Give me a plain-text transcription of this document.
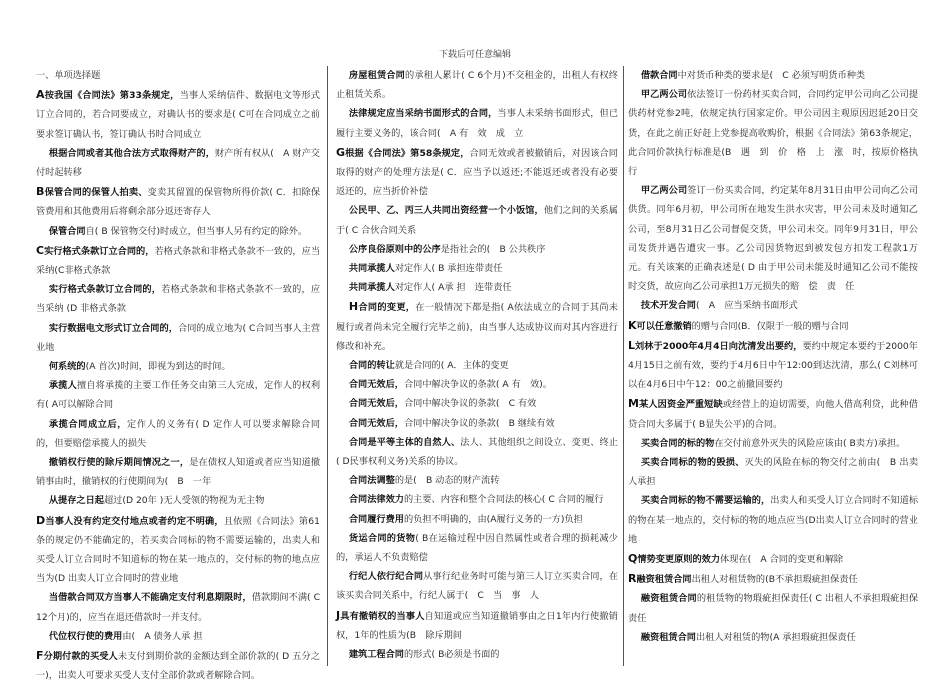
下载后可任意编辑

一、单项选择题

A按我国《合同法》第33条规定，当事人采纳信件、数据电文等形式订立合同的，若合同要成立，对确认书的要求是( C可在合同成立之前要求签订确认书，签订确认书时合同成立

根据合同或者其他合法方式取得财产的，财产所有权从(　A 财产交付时起转移

B保管合同的保管人拍卖、变卖其留置的保管物所得价款( C．扣除保管费用和其他费用后将剩余部分返还寄存人

保管合同自( B 保管物交付)时成立，但当事人另有约定的除外。

C实行格式条款订立合同的，若格式条款和非格式条款不一致的，应当采纳(C非格式条款

实行格式条款订立合同的，若格式条款和非格式条款不一致的，应当采纳 (D 非格式条款

实行数据电文形式订立合同的，合同的成立地为( C合同当事人主营业地

何系统的(A 首次)时间，即视为到达的时间。

承揽人擅自将承揽的主要工作任务交由第三人完成，定作人的权利有( A可以解除合同

承揽合同成立后，定作人的义务有( D 定作人可以要求解除合同的，但要赔偿承揽人的损失

撤销权行使的除斥期间情况之一，是在债权人知道或者应当知道撤销事由时，撤销权的行使期间为(　B　一年

从提存之日起超过(D 20年 )无人受领的物视为无主物

D当事人没有约定交付地点或者约定不明确，且依照《合同法》第61 条的规定仍不能确定的，若买卖合同标的物不需要运输的，出卖人和买受人订立合同时不知道标的物在某一地点的，交付标的物的地点应当为(D 出卖人订立合同时的营业地

当借款合同双方当事人不能确定支付利息期限时，借款期间不满( C 12个月)的，应当在退还借款时一并支付。

代位权行使的费用由(　A 债务人承 担

F分期付款的买受人未支付到期价款的金额达到全部价款的( D 五分之一)，出卖人可要求买受人支付全部价款或者解除合同。

房屋租赁合同的承租人累计( C 6个月)不交租金的，出租人有权终止租赁关系。

法律规定应当采纳书面形式的合同，当事人未采纳书面形式，但已履行主要义务的，该合同(　A 有　效　成　立

G根据《合同法》第58条规定，合同无效或者被撤销后，对因该合同取得的财产的处理方法是( C．应当予以返还;不能返还或者没有必要返还的，应当折价补偿

公民甲、乙、丙三人共同出资经营一个小饭馆，他们之间的关系属于( C 合伙合同关系

公序良俗原则中的公序是指社会的(　B 公共秩序

共同承揽人对定作人( B 承担连带责任

共同承揽人对定作人( A承 担　连带责任

H合同的变更，在一般情况下都是指( A依法成立的合同于其尚未履行或者尚未完全履行完毕之前)，由当事人达成协议而对其内容进行修改和补充。

合同的转让就是合同的( A．主体的变更

合同无效后，合同中解决争议的条款( A 有　效)。

合同无效后，合同中解决争议的条款(　C 有效

合同无效后，合同中解决争议的条款(　B 继续有效

合同是平等主体的自然人、法人、其他组织之间设立、变更、终止( D民事权利义务)关系的协议。

合同法调整的是(　B 动态的财产流转

合同法律效力的主要、内容和整个合同法的核心( C 合同的履行

合同履行费用的负担不明确的，由(A履行义务的一方)负担

货运合同的货物( B在运输过程中因自然属性或者合理的损耗减少的，承运人不负责赔偿

行纪人依行纪合同从事行纪业务时可能与第三人订立买卖合同，在该买卖合同关系中，行纪人属于(　C　当　事　人

J具有撤销权的当事人自知道或应当知道撤销事由之日1年内行使撤销权，1年的性质为(B　除斥期间

建筑工程合同的形式( B必须是书面的

借款合同中对货币种类的要求是(　C 必须写明货币种类

甲乙两公司依法签订一份药材买卖合同，合同约定甲公司向乙公司提供药材党参2吨，依规定执行国家定价。甲公司因主观原因迟延20日交货，在此之前正好赶上党参提高收购价，根据《合同法》第63条规定，此合同价款执行标准是(B　遇　到　价　格　上　涨　时，按原价格执行

甲乙两公司签订一份买卖合同，约定某年8月31日由甲公司向乙公司供货。同年6月初，甲公司所在地发生洪水灾害，甲公司未及时通知乙公司，至8月31日乙公司督促交货，甲公司未交。同年9月31日，甲公司发货并遇告遭灾一事。乙公司因货物迟到被发包方扣发工程款1万元。有关该案的正确表述是( D 由于甲公司未能及时通知乙公司不能按时交货，故应向乙公司承担1万元损失的赔　偿　责　任

技术开发合同(　A　应当采纳书面形式

K可以任意撤销的赠与合同(B．仅限于一般的赠与合同

L刘林于2000年4月4日向沈清发出要约，要约中规定本要约于2000年4月15日之前有效，要约于4月6日中午12:00到达沈清，那么( C刘林可以在4月6日中午12：00之前撤回要约

M某人因资金严重短缺或经营上的迫切需要，向他人借高利贷，此种借贷合同大多属于( B显失公平)的合同。

买卖合同的标的物在交付前意外灭失的风险应该由( B卖方)承担。

买卖合同标的物的毁损、灭失的风险在标的物交付之前由(　B 出卖人承担

买卖合同标的物不需要运输的，出卖人和买受人订立合同时不知道标的物在某一地点的，交付标的物的地点应当(D出卖人订立合同时的营业地

Q情势变更原则的效力体现在(　A 合同的变更和解除

R融资租赁合同出租人对租赁物的(B不承担瑕疵担保责任

融资租赁合同的租赁物的物瑕疵担保责任( C 出租人不承担瑕疵担保责任

融资租赁合同出租人对租赁的物(A 承担瑕疵担保责任
